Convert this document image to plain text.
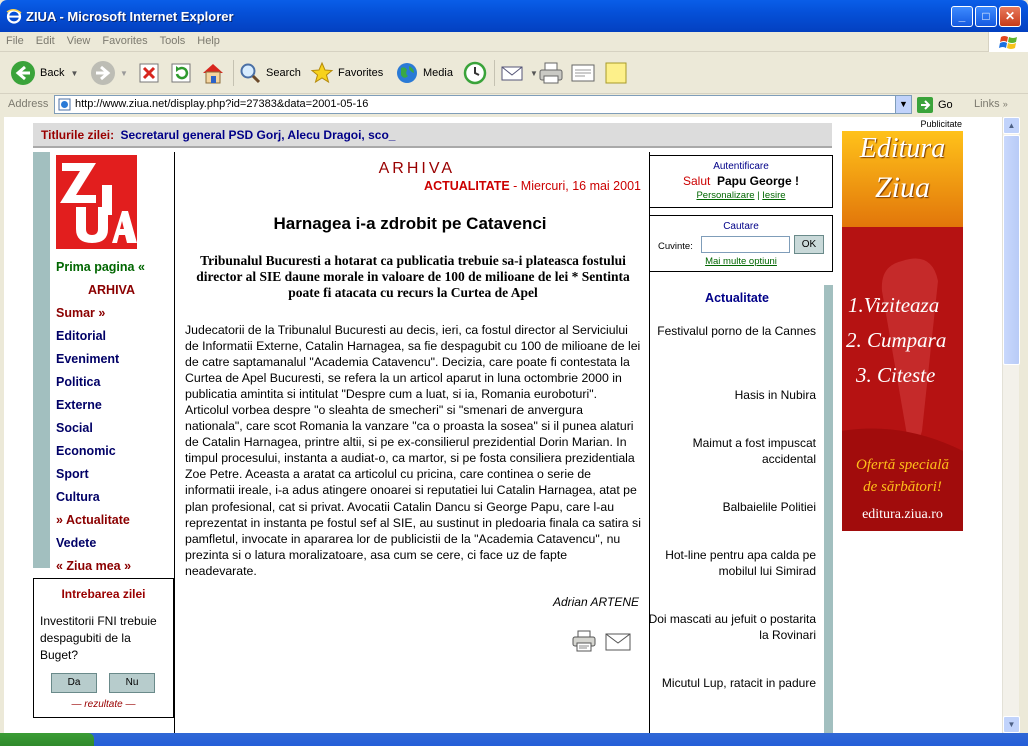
ZIUA - Microsoft Internet Explorer	_	□	✕
File Edit View Favorites Tools Help
Back ▼	▼	Search	Favorites	Media	▼
Address	http://www.ziua.net/display.php?id=27383&data=2001-05-16	▼	Go Links »
Titlurile zilei: Secretarul general PSD Gorj, Alecu Dragoi, sco_
Prima pagina «
ARHIVA
Sumar »
Editorial
Eveniment
Politica
Externe
Social
Economic
Sport
Cultura
» Actualitate
Vedete
« Ziua mea »
Intrebarea zilei
Investitorii FNI trebuie despagubiti de la Buget?
Da	Nu
— rezultate —
ARHIVA
ACTUALITATE - Miercuri, 16 mai 2001
Harnagea i-a zdrobit pe Catavenci
Tribunalul Bucuresti a hotarat ca publicatia trebuie sa-i plateasca fostului director al SIE daune morale in valoare de 100 de milioane de lei * Sentinta poate fi atacata cu recurs la Curtea de Apel
Judecatorii de la Tribunalul Bucuresti au decis, ieri, ca fostul director al Serviciului de Informatii Externe, Catalin Harnagea, sa fie despagubit cu 100 de milioane de lei de catre saptamanalul "Academia Catavencu". Decizia, care poate fi contestata la Curtea de Apel Bucuresti, se refera la un articol aparut in luna octombrie 2000 in publicatia amintita si intitulat "Despre cum a luat, si ia, Romania euroboturi". Articolul vorbea despre "o sleahta de smecheri" si "smenari de anvergura nationala", care scot Romania la vanzare "ca o proasta la sosea" si il punea alaturi de Catalin Harnagea, printre altii, si pe ex-consilierul prezidential Dorin Marian. In timpul procesului, instanta a audiat-o, ca martor, si pe fosta consiliera prezidentiala Zoe Petre. Aceasta a aratat ca articolul cu pricina, care continea o serie de informatii ireale, i-a adus atingere onoarei si reputatiei lui Catalin Harnagea, atat pe plan profesional, cat si privat. Avocatii Catalin Dancu si George Papu, care l-au reprezentat in instanta pe fostul sef al SIE, au sustinut in pledoaria finala ca satira si pamfletul, invocate in apararea lor de publicistii de la "Academia Catavencu", nu prezinta si o latura moralizatoare, asa cum se cere, ci face uz de fapte neadevarate.
Adrian ARTENE
Autentificare
Salut Papu George !
Personalizare | Iesire
Cautare
Cuvinte:	OK
Mai multe optiuni
Actualitate
Festivalul porno de la Cannes
Hasis in Nubira
Maimut a fost impuscat accidental
Balbaielile Politiei
Hot-line pentru apa calda pe mobilul lui Simirad
Doi mascati au jefuit o postarita la Rovinari
Micutul Lup, ratacit in padure
Publicitate
Editura
Ziua
1.Viziteaza
2. Cumpara
3. Citeste
Ofertă specială
de sărbători!
editura.ziua.ro
▲
▼
